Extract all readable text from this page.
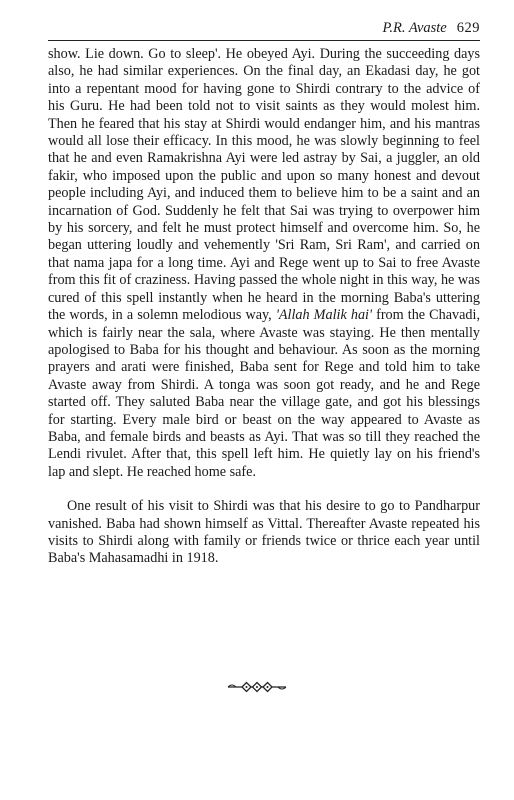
P.R. Avaste 629

show. Lie down. Go to sleep'. He obeyed Ayi. During the succeeding days also, he had similar experiences. On the final day, an Ekadasi day, he got into a repentant mood for having gone to Shirdi contrary to the advice of his Guru. He had been told not to visit saints as they would molest him. Then he feared that his stay at Shirdi would endanger him, and his mantras would all lose their efficacy. In this mood, he was slowly beginning to feel that he and even Ramakrishna Ayi were led astray by Sai, a juggler, an old fakir, who imposed upon the public and upon so many honest and devout people including Ayi, and induced them to believe him to be a saint and an incarnation of God. Suddenly he felt that Sai was trying to overpower him by his sorcery, and felt he must protect himself and overcome him. So, he began uttering loudly and vehemently 'Sri Ram, Sri Ram', and carried on that nama japa for a long time. Ayi and Rege went up to Sai to free Avaste from this fit of craziness. Having passed the whole night in this way, he was cured of this spell instantly when he heard in the morning Baba's uttering the words, in a solemn melodious way, 'Allah Malik hai' from the Chavadi, which is fairly near the sala, where Avaste was staying. He then mentally apologised to Baba for his thought and behaviour. As soon as the morning prayers and arati were finished, Baba sent for Rege and told him to take Avaste away from Shirdi. A tonga was soon got ready, and he and Rege started off. They saluted Baba near the village gate, and got his blessings for starting. Every male bird or beast on the way appeared to Avaste as Baba, and female birds and beasts as Ayi. That was so till they reached the Lendi rivulet. After that, this spell left him. He quietly lay on his friend's lap and slept. He reached home safe.

One result of his visit to Shirdi was that his desire to go to Pandharpur vanished. Baba had shown himself as Vittal. Thereafter Avaste repeated his visits to Shirdi along with family or friends twice or thrice each year until Baba's Mahasamadhi in 1918.
